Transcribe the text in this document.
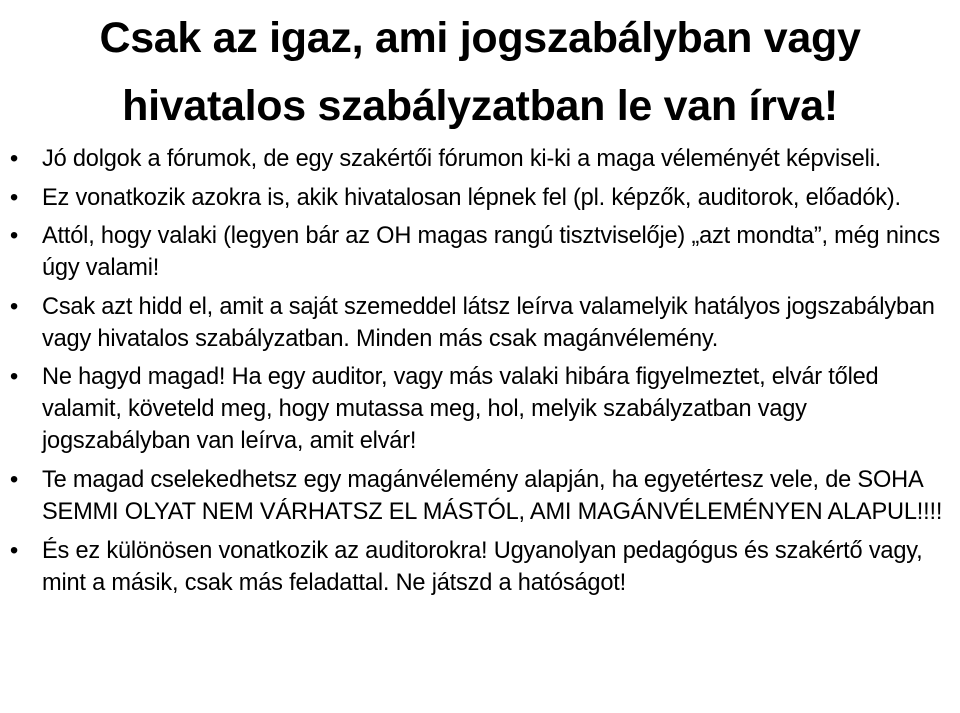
Csak az igaz, ami jogszabályban vagy
hivatalos szabályzatban le van írva!
• Jó dolgok a fórumok, de egy szakértői fórumon ki-ki a maga véleményét képviseli.
• Ez vonatkozik azokra is, akik hivatalosan lépnek fel (pl. képzők, auditorok, előadók).
• Attól, hogy valaki (legyen bár az OH magas rangú tisztviselője) „azt mondta”, még nincs úgy valami!
• Csak azt hidd el, amit a saját szemeddel látsz leírva valamelyik hatályos jogszabályban vagy hivatalos szabályzatban. Minden más csak magánvélemény.
• Ne hagyd magad! Ha egy auditor, vagy más valaki hibára figyelmeztet, elvár tőled valamit, követeld meg, hogy mutassa meg, hol, melyik szabályzatban vagy jogszabályban van leírva, amit elvár!
• Te magad cselekedhetsz egy magánvélemény alapján, ha egyetértesz vele, de SOHA SEMMI OLYAT NEM VÁRHATSZ EL MÁSTÓL, AMI MAGÁNVÉLEMÉNYEN ALAPUL!!!!
• És ez különösen vonatkozik az auditorokra! Ugyanolyan pedagógus és szakértő vagy, mint a másik, csak más feladattal. Ne játszd a hatóságot!
